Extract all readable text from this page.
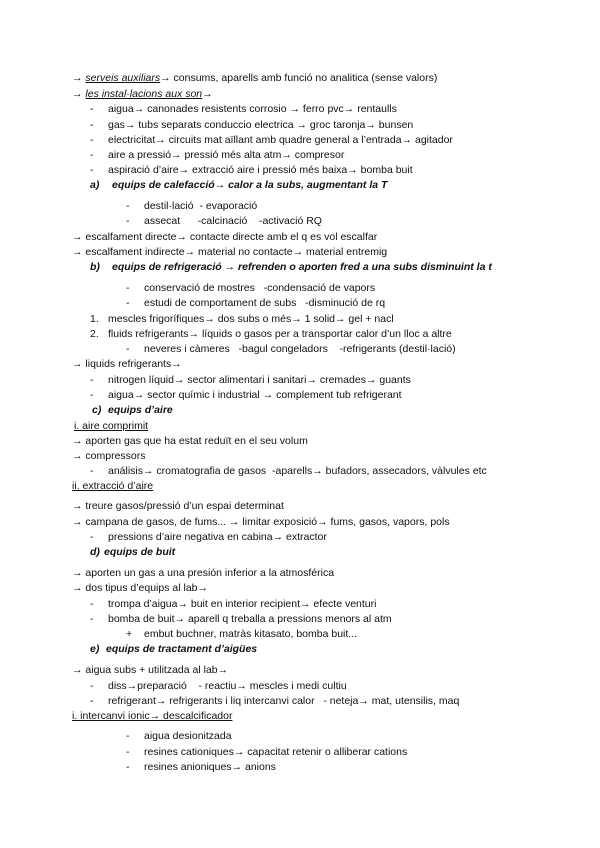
→ serveis auxiliars→ consums, aparells amb funció no analitica (sense valors)
→ les instal·lacions aux son→
- aigua→ canonades resistents corrosio → ferro pvc→ rentaulls
- gas→ tubs separats conduccio electrica → groc taronja→ bunsen
- electricitat→ circuits mat aïllant amb quadre general a l’entrada→ agitador
- aire a pressió→ pressió més alta atm→ compresor
- aspiració d’aire→ extracció aire i pressió més baixa→ bomba buit
a) equips de calefacció→ calor a la subs, augmentant la T
- destil·lació  - evaporació
- assecat      -calcinació    -activació RQ
→ escalfament directe→ contacte directe amb el q es vol escalfar
→ escalfament indirecte→ material no contacte→ material entremig
b) equips de refrigeració → refrenden o aporten fred a una subs disminuint la t
- conservació de mostres   -condensació de vapors
- estudi de comportament de subs   -disminució de rq
1. mescles frigorífiques→ dos subs o més→ 1 solid→ gel + nacl
2. fluids refrigerants→ líquids o gasos per a transportar calor d’un lloc a altre
- neveres i càmeres   -bagul congeladors    -refrigerants (destil·lació)
→ liquids refrigerants→
- nitrogen líquid→ sector alimentari i sanitari→ cremades→ guants
- aigua→ sector químic i industrial → complement tub refrigerant
c) equips d’aire
i. aire comprimit
→ aporten gas que ha estat reduït en el seu volum
→ compressors
- análisis→ cromatografia de gasos  -aparells→ bufadors, assecadors, vàlvules etc
ii. extracció d’aire
→ treure gasos/pressió d’un espai determinat
→ campana de gasos, de fums... → limitar exposició→ fums, gasos, vapors, pols
- pressions d’aire negativa en cabina→ extractor
d) equips de buit
→ aporten un gas a una presión inferior a la atmosférica
→ dos tipus d’equips al lab→
- trompa d’aigua→ buit en interior recipient→ efecte venturi
- bomba de buit→ aparell q treballa a pressions menors al atm
+ embut buchner, matràs kitasato, bomba buit...
e) equips de tractament d’aigües
→ aigua subs + utilitzada al lab→
- diss→preparació    - reactiu→ mescles i medi cultiu
- refrigerant→ refrigerants i liq intercanvi calor   - neteja→ mat, utensilis, maq
i. intercanvi ionic→ descalcificador
- aigua desionitzada
- resines cationiques→ capacitat retenir o alliberar cations
- resines anioniques→ anions
